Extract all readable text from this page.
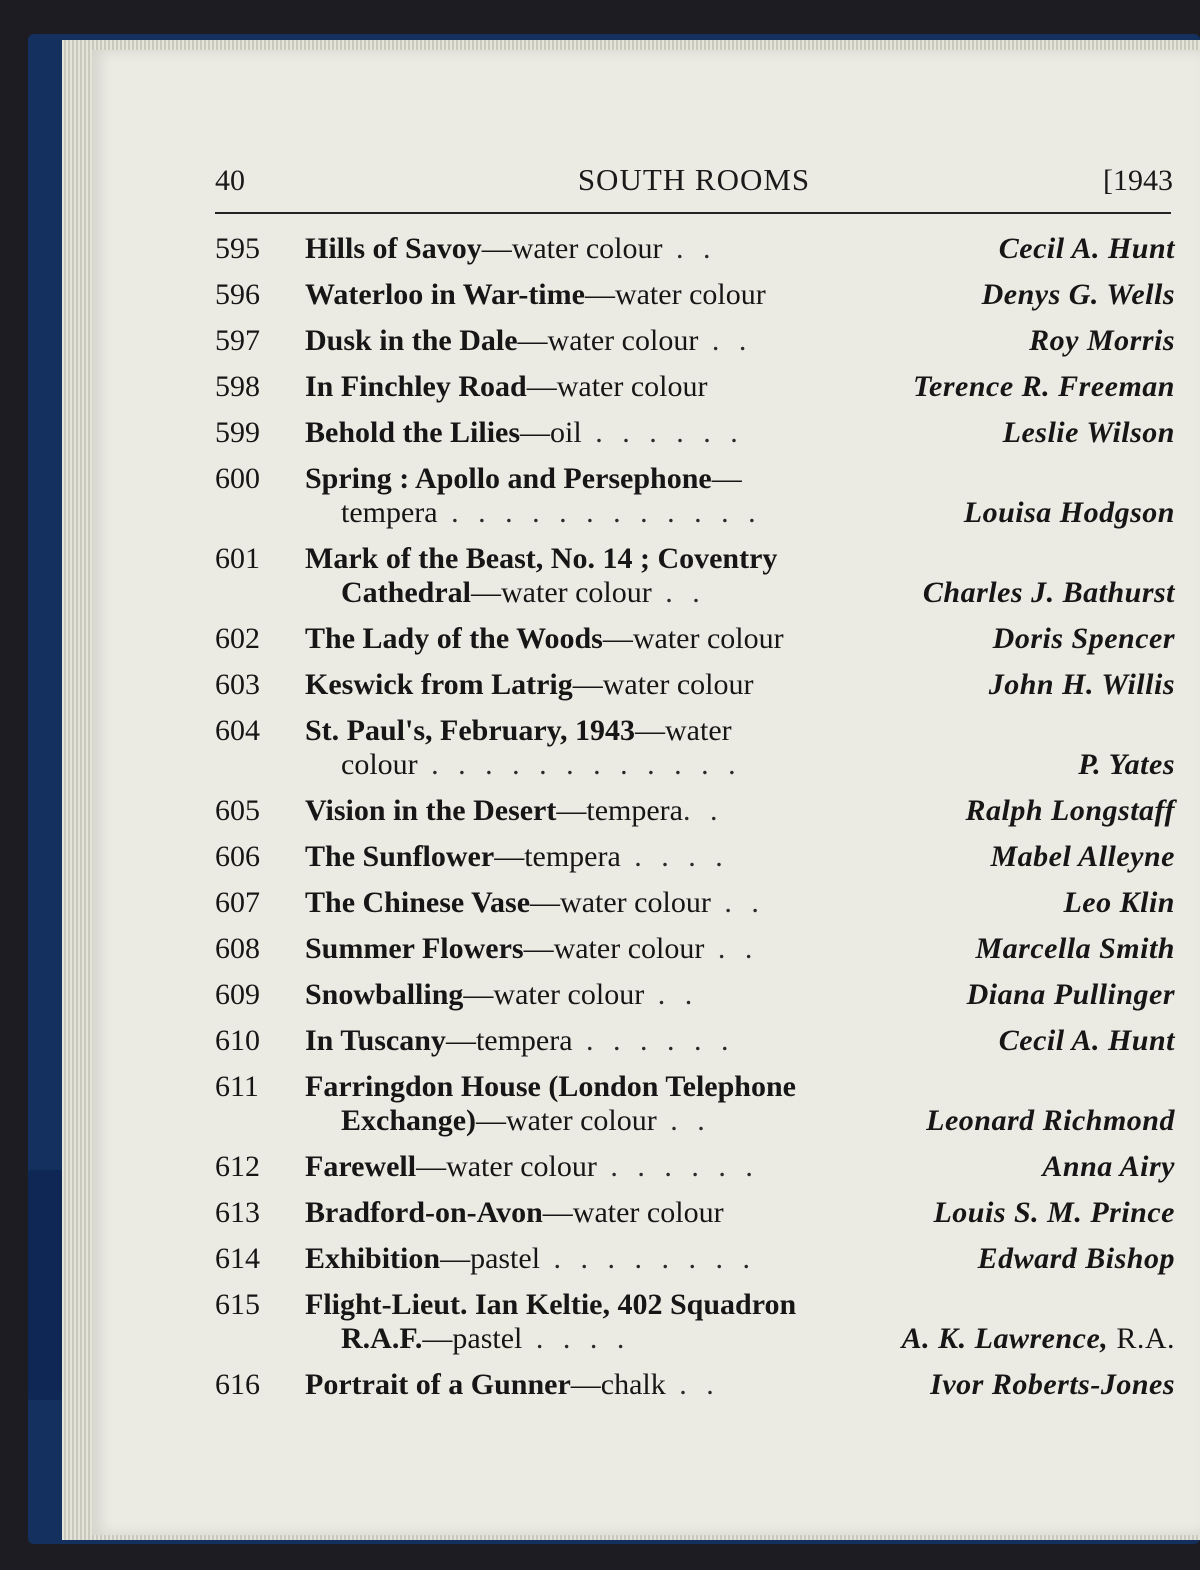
40	SOUTH ROOMS	[1943
595	Hills of Savoy—water colour . .	Cecil A. Hunt
596	Waterloo in War-time—water colour	Denys G. Wells
597	Dusk in the Dale—water colour . .	Roy Morris
598	In Finchley Road—water colour	Terence R. Freeman
599	Behold the Lilies—oil . . . . . .	Leslie Wilson
600	Spring : Apollo and Persephone—
tempera . . . . . . . . . . . .	Louisa Hodgson
601	Mark of the Beast, No. 14 ; Coventry
Cathedral—water colour . .	Charles J. Bathurst
602	The Lady of the Woods—water colour	Doris Spencer
603	Keswick from Latrig—water colour	John H. Willis
604	St. Paul's, February, 1943—water
colour . . . . . . . . . . . .	P. Yates
605	Vision in the Desert—tempera. .	Ralph Longstaff
606	The Sunflower—tempera . . . .	Mabel Alleyne
607	The Chinese Vase—water colour . .	Leo Klin
608	Summer Flowers—water colour . .	Marcella Smith
609	Snowballing—water colour . .	Diana Pullinger
610	In Tuscany—tempera . . . . . .	Cecil A. Hunt
611	Farringdon House (London Telephone
Exchange)—water colour . .	Leonard Richmond
612	Farewell—water colour . . . . . .	Anna Airy
613	Bradford-on-Avon—water colour	Louis S. M. Prince
614	Exhibition—pastel . . . . . . . .	Edward Bishop
615	Flight-Lieut. Ian Keltie, 402 Squadron
R.A.F.—pastel . . . .	A. K. Lawrence, R.A.
616	Portrait of a Gunner—chalk . .	Ivor Roberts-Jones
